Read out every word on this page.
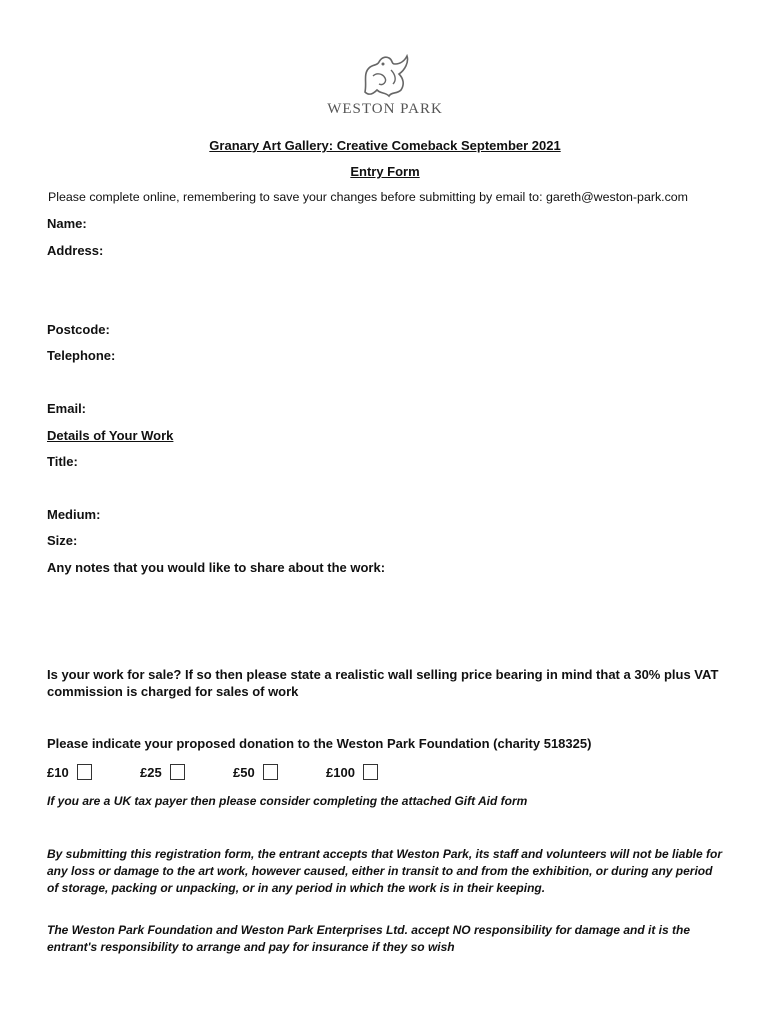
WESTON PARK
Granary Art Gallery: Creative Comeback September 2021
Entry Form
Please complete online, remembering to save your changes before submitting by email to: gareth@weston-park.com
Name:
Address:
Postcode:
Telephone:
Email:
Details of Your Work
Title:
Medium:
Size:
Any notes that you would like to share about the work:
Is your work for sale? If so then please state a realistic wall selling price bearing in mind that a 30% plus VAT commission is charged for sales of work
Please indicate your proposed donation to the Weston Park Foundation (charity 518325)
£10	£25	£50	£100
If you are a UK tax payer then please consider completing the attached Gift Aid form
By submitting this registration form, the entrant accepts that Weston Park, its staff and volunteers will not be liable for any loss or damage to the art work, however caused, either in transit to and from the exhibition, or during any period of storage, packing or unpacking, or in any period in which the work is in their keeping.
The Weston Park Foundation and Weston Park Enterprises Ltd. accept NO responsibility for damage and it is the entrant's responsibility to arrange and pay for insurance if they so wish
